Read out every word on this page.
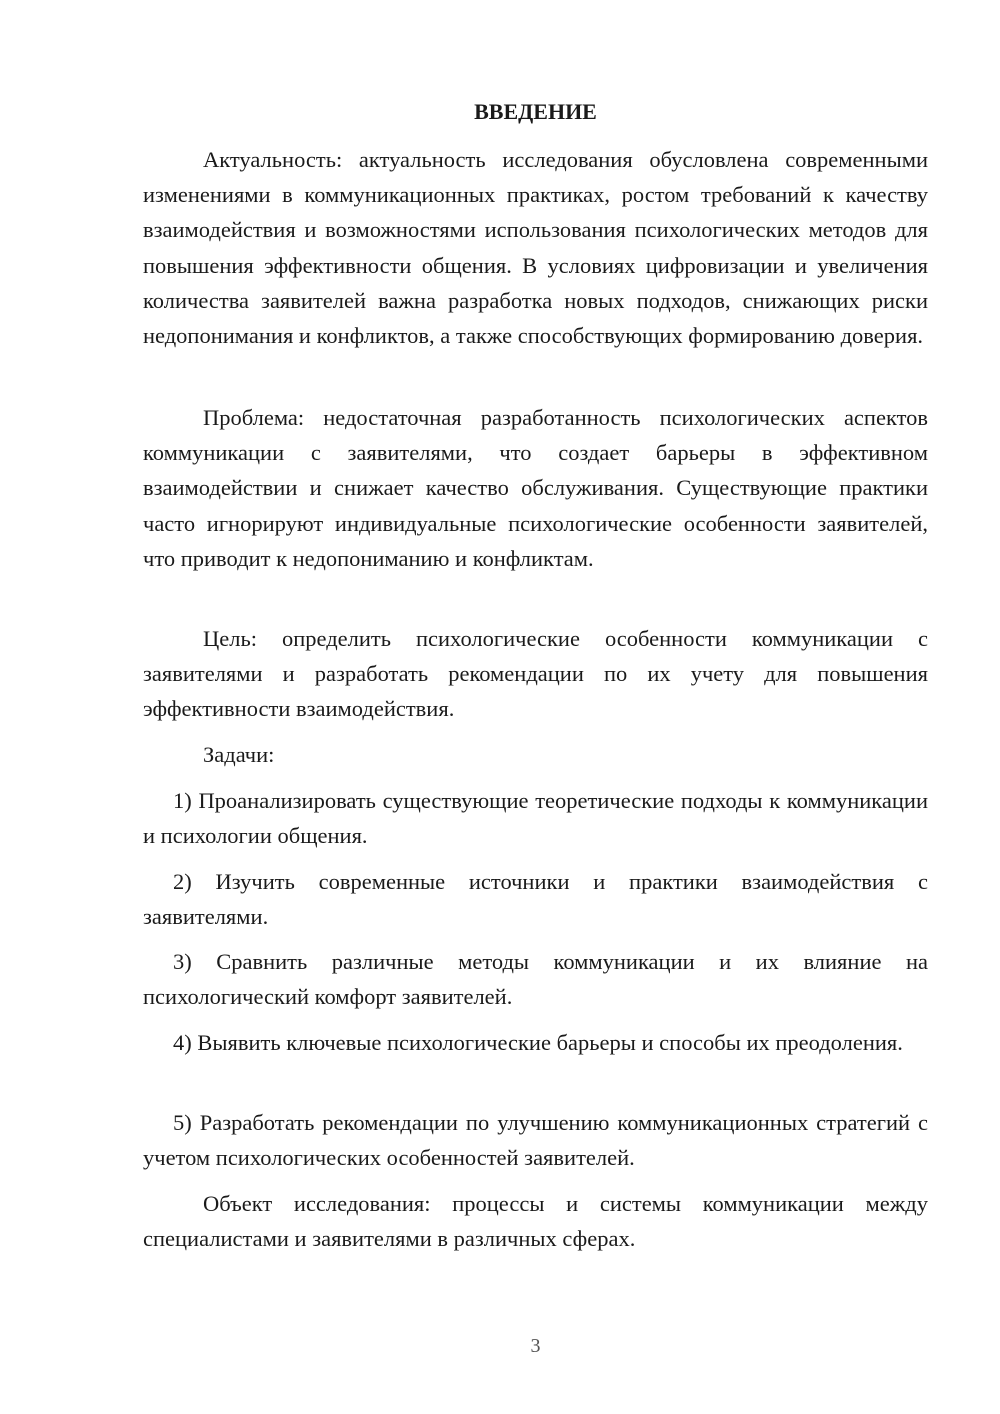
ВВЕДЕНИЕ

Актуальность: актуальность исследования обусловлена современными изменениями в коммуникационных практиках, ростом требований к качеству взаимодействия и возможностями использования психологических методов для повышения эффективности общения. В условиях цифровизации и увеличения количества заявителей важна разработка новых подходов, снижающих риски недопонимания и конфликтов, а также способствующих формированию доверия.

Проблема: недостаточная разработанность психологических аспектов коммуникации с заявителями, что создает барьеры в эффективном взаимодействии и снижает качество обслуживания. Существующие практики часто игнорируют индивидуальные психологические особенности заявителей, что приводит к недопониманию и конфликтам.

Цель: определить психологические особенности коммуникации с заявителями и разработать рекомендации по их учету для повышения эффективности взаимодействия.

Задачи:

1) Проанализировать существующие теоретические подходы к коммуникации и психологии общения.

2) Изучить современные источники и практики взаимодействия с заявителями.

3) Сравнить различные методы коммуникации и их влияние на психологический комфорт заявителей.

4) Выявить ключевые психологические барьеры и способы их преодоления.

5) Разработать рекомендации по улучшению коммуникационных стратегий с учетом психологических особенностей заявителей.

Объект исследования: процессы и системы коммуникации между специалистами и заявителями в различных сферах.

3
